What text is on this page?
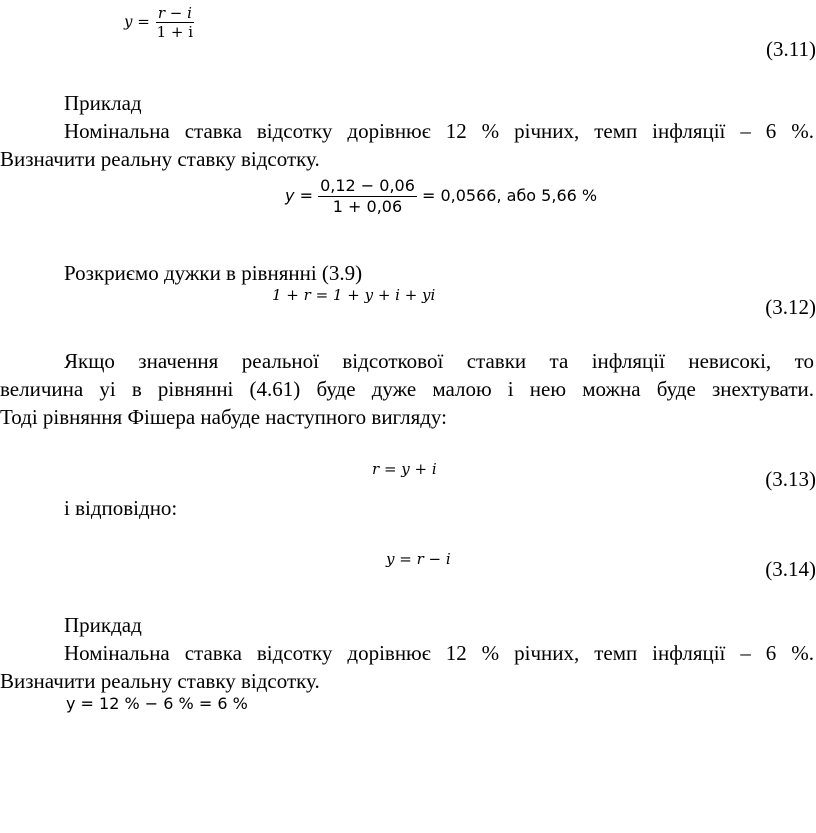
$y = \frac{r - i}{1 + i}$
(3.11)
Приклад
Номінальна ставка відсотку дорівнює 12 % річних, темп інфляції – 6 %.
Визначити реальну ставку відсотку.
$y = \frac{0,12 - 0,06}{1 + 0,06} = 0,0566$, або 5,66 %
Розкриємо дужки в рівнянні (3.9)
1 + r = 1 + y + i + yi	(3.12)
Якщо значення реальної відсоткової ставки та інфляції невисокі, то
величина yi в рівнянні (4.61) буде дуже малою і нею можна буде знехтувати.
Тоді рівняння Фішера набуде наступного вигляду:
r = y + i	(3.13)
і відповідно:
y = r − i	(3.14)
Прикдад
Номінальна ставка відсотку дорівнює 12 % річних, темп інфляції – 6 %.
Визначити реальну ставку відсотку.
y = 12 % − 6 % = 6 %
